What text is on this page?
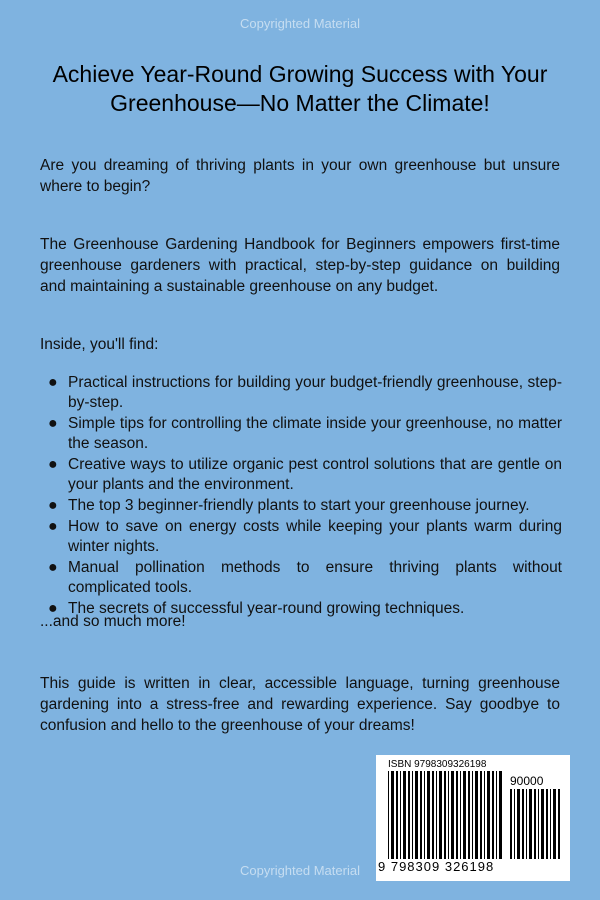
Copyrighted Material
Achieve Year-Round Growing Success with Your Greenhouse—No Matter the Climate!
Are you dreaming of thriving plants in your own greenhouse but unsure where to begin?
The Greenhouse Gardening Handbook for Beginners empowers first-time greenhouse gardeners with practical, step-by-step guidance on building and maintaining a sustainable greenhouse on any budget.
Inside, you'll find:
● Practical instructions for building your budget-friendly greenhouse, step-by-step.
● Simple tips for controlling the climate inside your greenhouse, no matter the season.
● Creative ways to utilize organic pest control solutions that are gentle on your plants and the environment.
● The top 3 beginner-friendly plants to start your greenhouse journey.
● How to save on energy costs while keeping your plants warm during winter nights.
● Manual pollination methods to ensure thriving plants without complicated tools.
● The secrets of successful year-round growing techniques.
...and so much more!
This guide is written in clear, accessible language, turning greenhouse gardening into a stress-free and rewarding experience. Say goodbye to confusion and hello to the greenhouse of your dreams!
ISBN 9798309326198
90000
9 798309 326198
Copyrighted Material
